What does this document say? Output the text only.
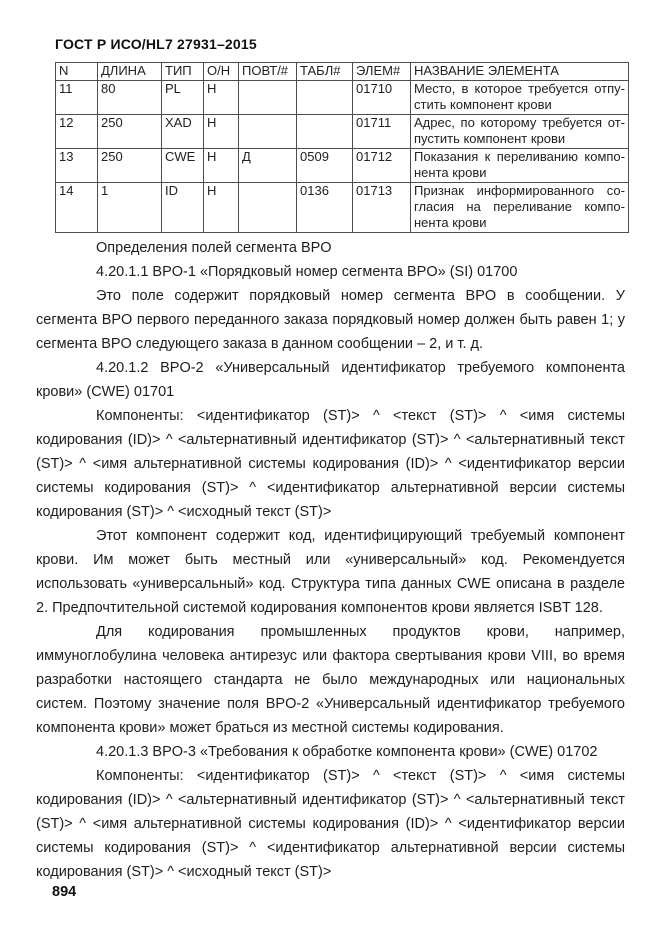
ГОСТ Р ИСО/HL7 27931–2015
N	ДЛИНА	ТИП	О/Н	ПОВТ/#	ТАБЛ#	ЭЛЕМ#	НАЗВАНИЕ ЭЛЕМЕНТА
11	80	PL	Н			01710	Место, в которое требуется отпустить компонент крови
12	250	XAD	Н			01711	Адрес, по которому требуется отпустить компонент крови
13	250	CWE	Н	Д	0509	01712	Показания к переливанию компонента крови
14	1	ID	Н		0136	01713	Признак информированного согласия на переливание компонента крови

Определения полей сегмента BPO

4.20.1.1 BPO-1 «Порядковый номер сегмента BPO» (SI) 01700

Это поле содержит порядковый номер сегмента BPO в сообщении. У сегмента BPO первого переданного заказа порядковый номер должен быть равен 1; у сегмента BPO следующего заказа в данном сообщении – 2, и т. д.

4.20.1.2 BPO-2 «Универсальный идентификатор требуемого компонента крови» (CWE) 01701

Компоненты: <идентификатор (ST)> ^ <текст (ST)> ^ <имя системы кодирования (ID)> ^ <альтернативный идентификатор (ST)> ^ <альтернативный текст (ST)> ^ <имя альтернативной системы кодирования (ID)> ^ <идентификатор версии системы кодирования (ST)> ^ <идентификатор альтернативной версии системы кодирования (ST)> ^ <исходный текст (ST)>

Этот компонент содержит код, идентифицирующий требуемый компонент крови. Им может быть местный или «универсальный» код. Рекомендуется использовать «универсальный» код. Структура типа данных CWE описана в разделе 2. Предпочтительной системой кодирования компонентов крови является ISBT 128.

Для кодирования промышленных продуктов крови, например, иммуноглобулина человека антирезус или фактора свертывания крови VIII, во время разработки настоящего стандарта не было международных или национальных систем. Поэтому значение поля BPO-2 «Универсальный идентификатор требуемого компонента крови» может браться из местной системы кодирования.

4.20.1.3 BPO-3 «Требования к обработке компонента крови» (CWE) 01702

Компоненты: <идентификатор (ST)> ^ <текст (ST)> ^ <имя системы кодирования (ID)> ^ <альтернативный идентификатор (ST)> ^ <альтернативный текст (ST)> ^ <имя альтернативной системы кодирования (ID)> ^ <идентификатор версии системы кодирования (ST)> ^ <идентификатор альтернативной версии системы кодирования (ST)> ^ <исходный текст (ST)>

894
